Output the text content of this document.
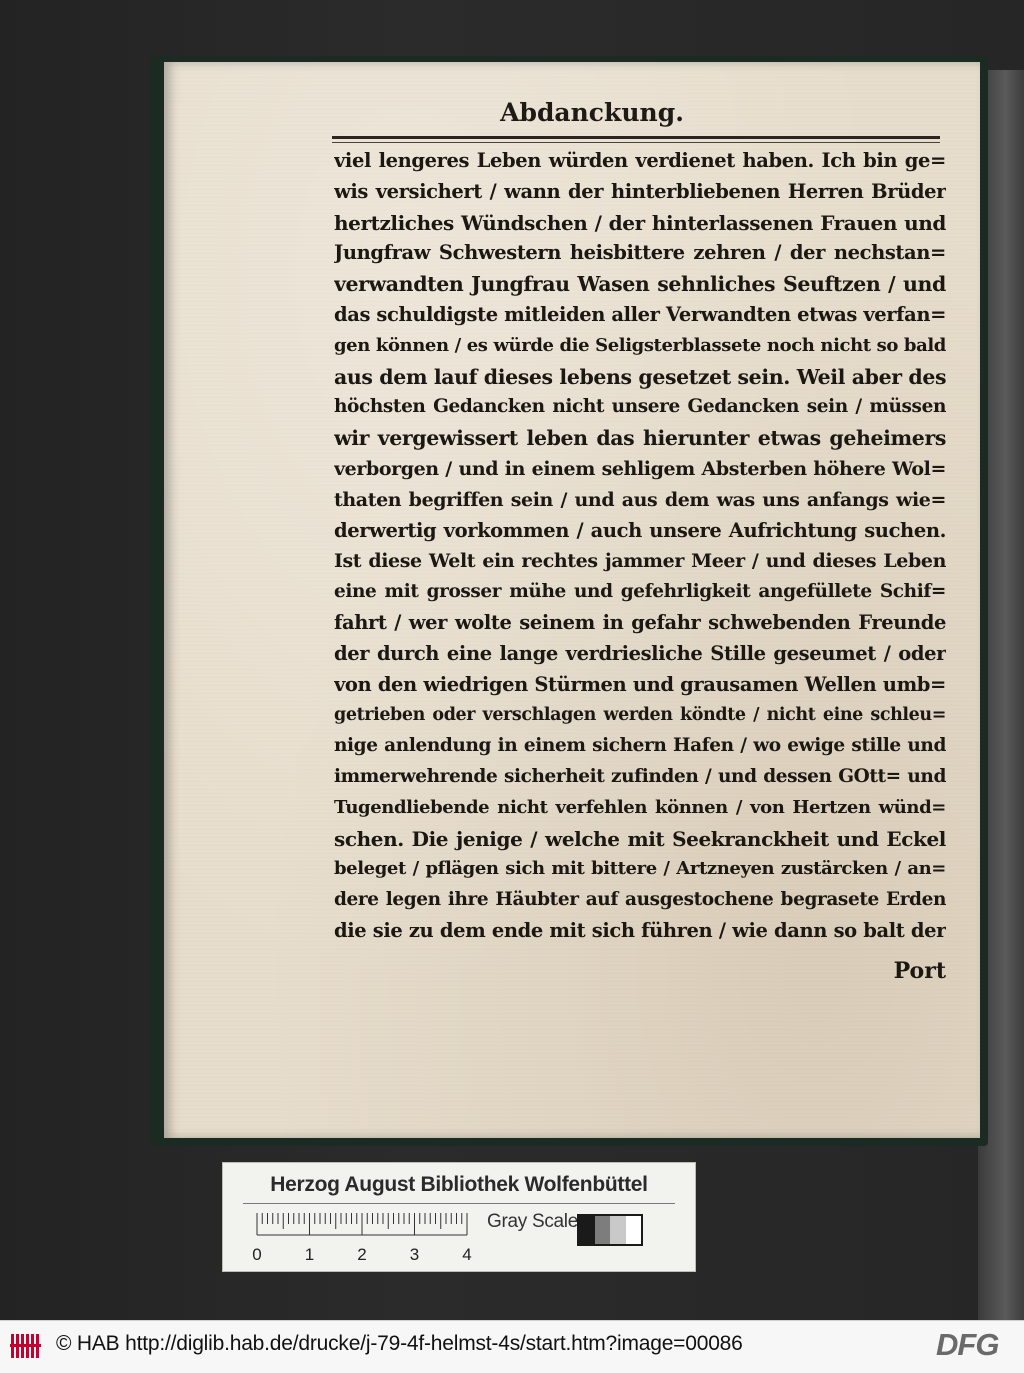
Abdanckung.
viel lengeres Leben würden verdienet haben. Ich bin ge=
wis versichert / wann der hinterbliebenen Herren Brüder
hertzliches Wündschen / der hinterlassenen Frauen und
Jungfraw Schwestern heisbittere zehren / der nechstan=
verwandten Jungfrau Wasen sehnliches Seuftzen / und
das schuldigste mitleiden aller Verwandten etwas verfan=
gen können / es würde die Seligsterblassete noch nicht so bald
aus dem lauf dieses lebens gesetzet sein. Weil aber des
höchsten Gedancken nicht unsere Gedancken sein / müssen
wir vergewissert leben das hierunter etwas geheimers
verborgen / und in einem sehligem Absterben höhere Wol=
thaten begriffen sein / und aus dem was uns anfangs wie=
derwertig vorkommen / auch unsere Aufrichtung suchen.
Ist diese Welt ein rechtes jammer Meer / und dieses Leben
eine mit grosser mühe und gefehrligkeit angefüllete Schif=
fahrt / wer wolte seinem in gefahr schwebenden Freunde
der durch eine lange verdriesliche Stille geseumet / oder
von den wiedrigen Stürmen und grausamen Wellen umb=
getrieben oder verschlagen werden köndte / nicht eine schleu=
nige anlendung in einem sichern Hafen / wo ewige stille und
immerwehrende sicherheit zufinden / und dessen GOtt= und
Tugendliebende nicht verfehlen können / von Hertzen wünd=
schen. Die jenige / welche mit Seekranckheit und Eckel
beleget / pflägen sich mit bittere / Artzneyen zustärcken / an=
dere legen ihre Häubter auf ausgestochene begrasete Erden
die sie zu dem ende mit sich führen / wie dann so balt der
Port
Herzog August Bibliothek Wolfenbüttel
0	1	2	3	4
Gray Scale
© HAB http://diglib.hab.de/drucke/j-79-4f-helmst-4s/start.htm?image=00086	DFG
